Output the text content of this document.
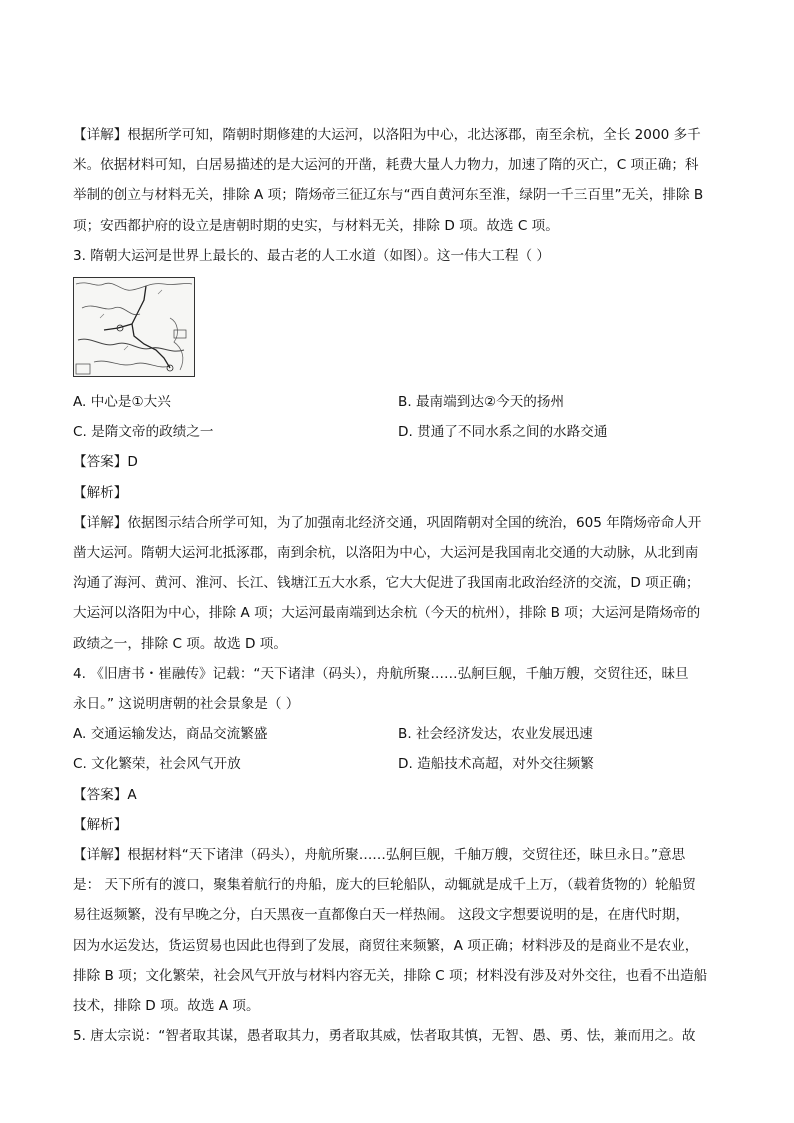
【详解】根据所学可知，隋朝时期修建的大运河，以洛阳为中心，北达涿郡，南至余杭，全长 2000 多千

米。依据材料可知，白居易描述的是大运河的开凿，耗费大量人力物力，加速了隋的灭亡，C 项正确；科

举制的创立与材料无关，排除 A 项；隋炀帝三征辽东与“西自黄河东至淮，绿阴一千三百里”无关，排除 B

项；安西都护府的设立是唐朝时期的史实，与材料无关，排除 D 项。故选 C 项。

3. 隋朝大运河是世界上最长的、最古老的人工水道（如图）。这一伟大工程（ ）

A. 中心是①大兴	B. 最南端到达②今天的扬州
C. 是隋文帝的政绩之一	D. 贯通了不同水系之间的水路交通

【答案】D

【解析】

【详解】依据图示结合所学可知，为了加强南北经济交通，巩固隋朝对全国的统治，605 年隋炀帝命人开

凿大运河。隋朝大运河北抵涿郡，南到余杭，以洛阳为中心，大运河是我国南北交通的大动脉，从北到南

沟通了海河、黄河、淮河、长江、钱塘江五大水系，它大大促进了我国南北政治经济的交流，D 项正确；

大运河以洛阳为中心，排除 A 项；大运河最南端到达余杭（今天的杭州），排除 B 项；大运河是隋炀帝的

政绩之一，排除 C 项。故选 D 项。

4. 《旧唐书・崔融传》记载：“天下诸津（码头），舟航所聚……弘舸巨舰，千舳万艘，交贸往还，昧旦

永日。” 这说明唐朝的社会景象是（ ）

A. 交通运输发达，商品交流繁盛	B. 社会经济发达，农业发展迅速
C. 文化繁荣，社会风气开放	D. 造船技术高超，对外交往频繁

【答案】A

【解析】

【详解】根据材料“天下诸津（码头），舟航所聚……弘舸巨舰，千舳万艘，交贸往还，昧旦永日。”意思

是： 天下所有的渡口，聚集着航行的舟船，庞大的巨轮船队，动辄就是成千上万，（载着货物的）轮船贸

易往返频繁，没有早晚之分，白天黑夜一直都像白天一样热闹。 这段文字想要说明的是，在唐代时期，

因为水运发达，货运贸易也因此也得到了发展，商贸往来频繁，A 项正确；材料涉及的是商业不是农业，

排除 B 项；文化繁荣，社会风气开放与材料内容无关，排除 C 项；材料没有涉及对外交往，也看不出造船

技术，排除 D 项。故选 A 项。

5. 唐太宗说：“智者取其谋，愚者取其力，勇者取其威，怯者取其慎，无智、愚、勇、怯，兼而用之。故
